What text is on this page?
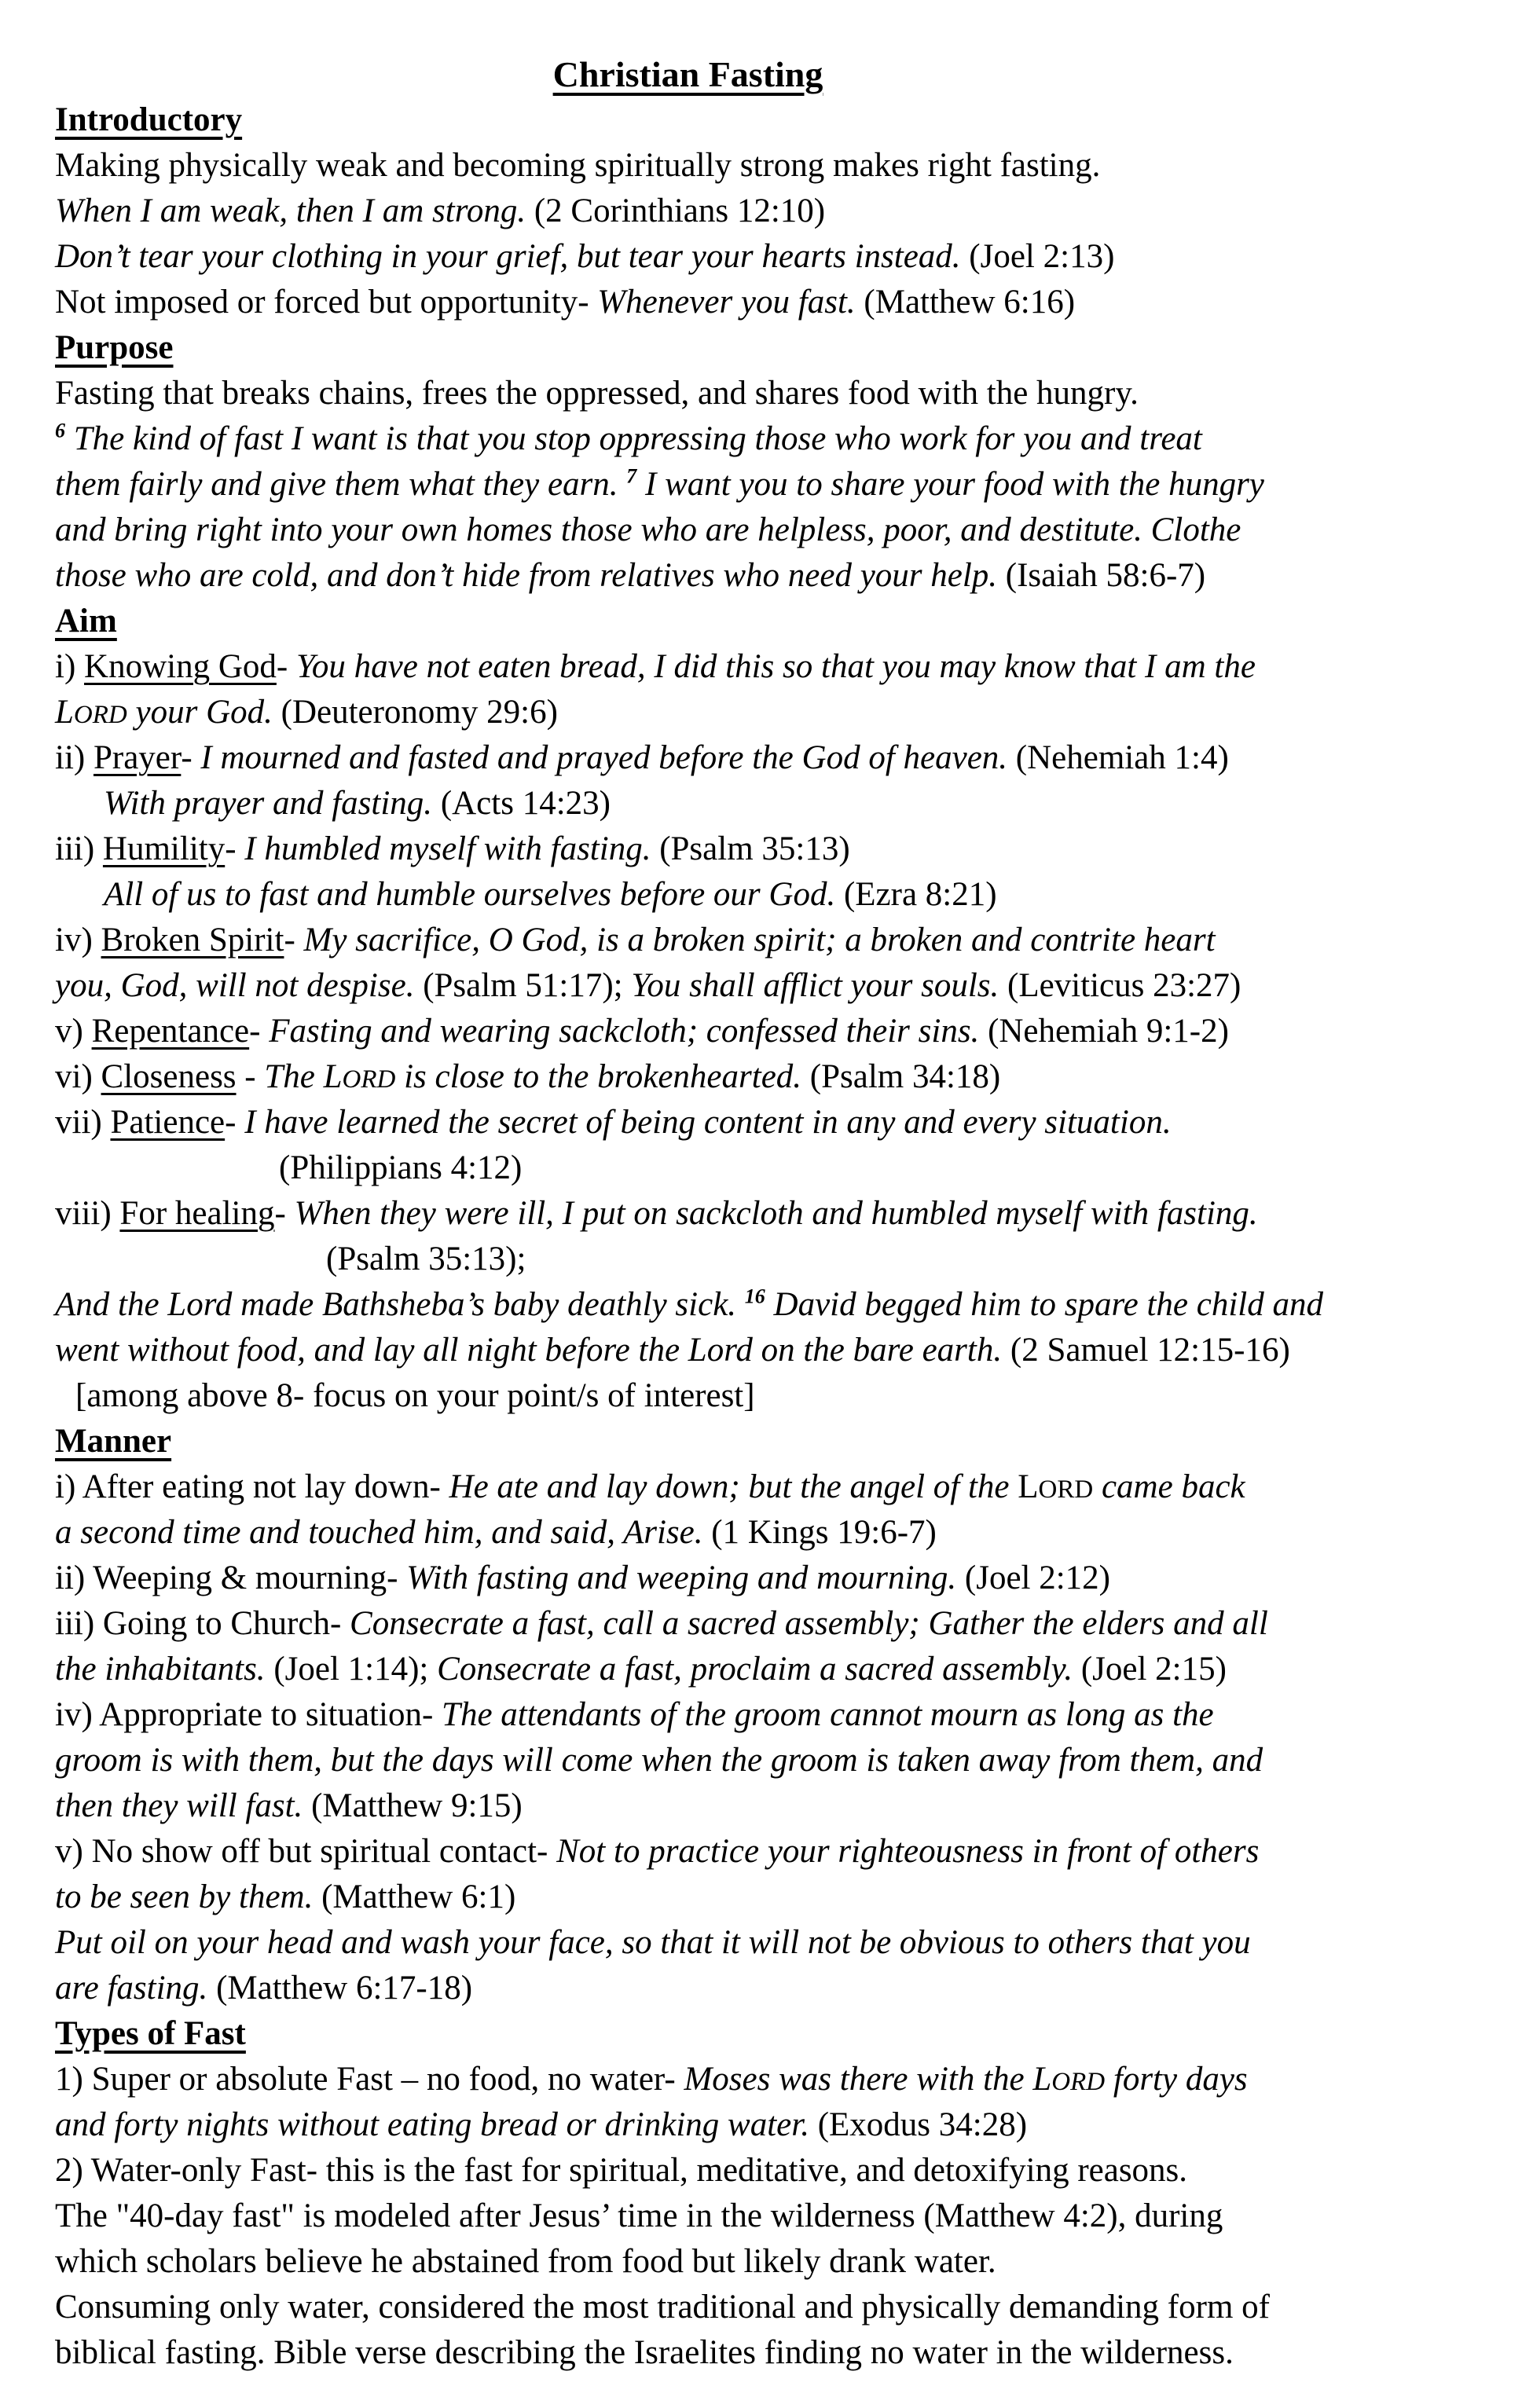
Christian Fasting

Introductory

Making physically weak and becoming spiritually strong makes right fasting.

When I am weak, then I am strong. (2 Corinthians 12:10)

Don’t tear your clothing in your grief, but tear your hearts instead. (Joel 2:13)

Not imposed or forced but opportunity- Whenever you fast. (Matthew 6:16)

Purpose

Fasting that breaks chains, frees the oppressed, and shares food with the hungry.

$^6$ The kind of fast I want is that you stop oppressing those who work for you and treat

them fairly and give them what they earn. $^7$ I want you to share your food with the hungry

and bring right into your own homes those who are helpless, poor, and destitute. Clothe

those who are cold, and don’t hide from relatives who need your help. (Isaiah 58:6-7)

Aim

i) Knowing God- You have not eaten bread, I did this so that you may know that I am the

LORD your God. (Deuteronomy 29:6)

ii) Prayer- I mourned and fasted and prayed before the God of heaven. (Nehemiah 1:4)

With prayer and fasting. (Acts 14:23)

iii) Humility- I humbled myself with fasting. (Psalm 35:13)

All of us to fast and humble ourselves before our God. (Ezra 8:21)

iv) Broken Spirit- My sacrifice, O God, is a broken spirit; a broken and contrite heart

you, God, will not despise. (Psalm 51:17); You shall afflict your souls. (Leviticus 23:27)

v) Repentance- Fasting and wearing sackcloth; confessed their sins. (Nehemiah 9:1-2)

vi) Closeness - The LORD is close to the brokenhearted. (Psalm 34:18)

vii) Patience- I have learned the secret of being content in any and every situation.

(Philippians 4:12)

viii) For healing- When they were ill, I put on sackcloth and humbled myself with fasting.

(Psalm 35:13);

And the Lord made Bathsheba’s baby deathly sick. $^{16}$ David begged him to spare the child and

went without food, and lay all night before the Lord on the bare earth. (2 Samuel 12:15-16)

[among above 8- focus on your point/s of interest]

Manner

i) After eating not lay down- He ate and lay down; but the angel of the LORD came back

a second time and touched him, and said, Arise. (1 Kings 19:6-7)

ii) Weeping & mourning- With fasting and weeping and mourning. (Joel 2:12)

iii) Going to Church- Consecrate a fast, call a sacred assembly; Gather the elders and all

the inhabitants. (Joel 1:14); Consecrate a fast, proclaim a sacred assembly. (Joel 2:15)

iv) Appropriate to situation- The attendants of the groom cannot mourn as long as the

groom is with them, but the days will come when the groom is taken away from them, and

then they will fast. (Matthew 9:15)

v) No show off but spiritual contact- Not to practice your righteousness in front of others

to be seen by them. (Matthew 6:1)

Put oil on your head and wash your face, so that it will not be obvious to others that you

are fasting. (Matthew 6:17-18)

Types of Fast

1) Super or absolute Fast – no food, no water- Moses was there with the LORD forty days

and forty nights without eating bread or drinking water. (Exodus 34:28)

2) Water-only Fast- this is the fast for spiritual, meditative, and detoxifying reasons.

The "40-day fast" is modeled after Jesus’ time in the wilderness (Matthew 4:2), during

which scholars believe he abstained from food but likely drank water.

Consuming only water, considered the most traditional and physically demanding form of

biblical fasting. Bible verse describing the Israelites finding no water in the wilderness.
